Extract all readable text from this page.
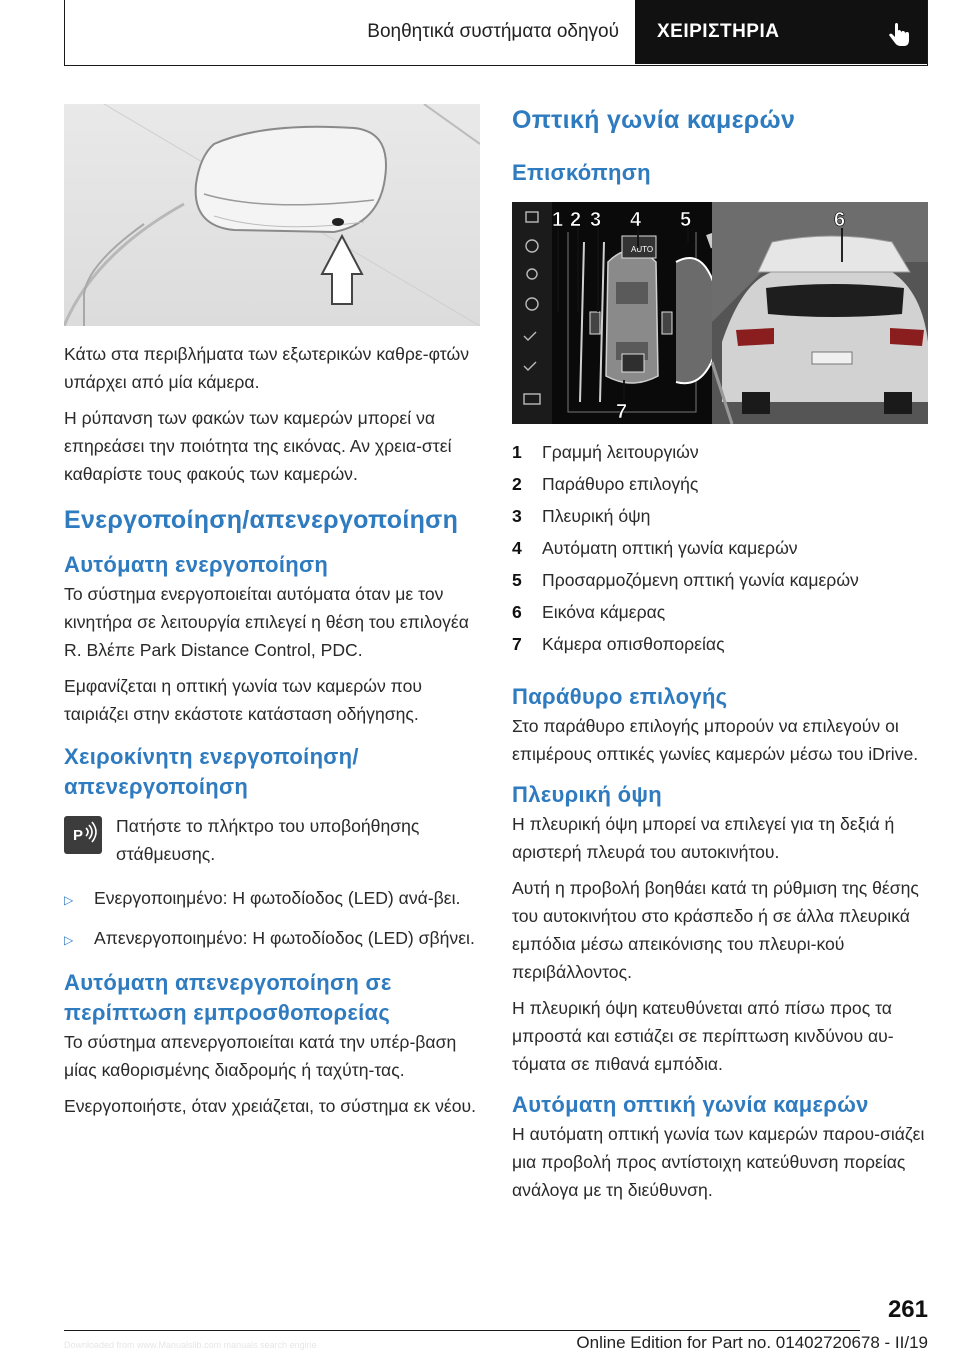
Βοηθητικά συστήματα οδηγού	ΧΕΙΡΙΣΤΗΡΙΑ

Κάτω στα περιβλήματα των εξωτερικών καθρε‐φτών υπάρχει από μία κάμερα.

Η ρύπανση των φακών των καμερών μπορεί να επηρεάσει την ποιότητα της εικόνας. Αν χρεια‐στεί καθαρίστε τους φακούς των καμερών.

Ενεργοποίηση/απενεργοποίηση
Αυτόματη ενεργοποίηση

Το σύστημα ενεργοποιείται αυτόματα όταν με τον κινητήρα σε λειτουργία επιλεγεί η θέση του επιλογέα R. Βλέπε Park Distance Control, PDC.

Εμφανίζεται η οπτική γωνία των καμερών που ταιριάζει στην εκάστοτε κατάσταση οδήγησης.

Χειροκίνητη ενεργοποίηση/απενεργοποίηση
P Πατήστε το πλήκτρο του υποβοήθησης στάθμευσης.
▷	Ενεργοποιημένο: Η φωτοδίοδος (LED) ανά‐βει.
▷	Απενεργοποιημένο: Η φωτοδίοδος (LED) σβήνει.
Αυτόματη απενεργοποίηση σε περίπτωση εμπροσθοπορείας

Το σύστημα απενεργοποιείται κατά την υπέρ‐βαση μίας καθορισμένης διαδρομής ή ταχύτη‐τας.

Ενεργοποιήστε, όταν χρειάζεται, το σύστημα εκ νέου.

Οπτική γωνία καμερών
Επισκόπηση
AUTO
1 2 3 4 5	6
7
1	Γραμμή λειτουργιών
2	Παράθυρο επιλογής
3	Πλευρική όψη
4	Αυτόματη οπτική γωνία καμερών
5	Προσαρμοζόμενη οπτική γωνία καμερών
6	Εικόνα κάμερας
7	Κάμερα οπισθοπορείας
Παράθυρο επιλογής

Στο παράθυρο επιλογής μπορούν να επιλεγούν οι επιμέρους οπτικές γωνίες καμερών μέσω του iDrive.

Πλευρική όψη

Η πλευρική όψη μπορεί να επιλεγεί για τη δεξιά ή αριστερή πλευρά του αυτοκινήτου.

Αυτή η προβολή βοηθάει κατά τη ρύθμιση της θέσης του αυτοκινήτου στο κράσπεδο ή σε άλλα πλευρικά εμπόδια μέσω απεικόνισης του πλευρι‐κού περιβάλλοντος.

Η πλευρική όψη κατευθύνεται από πίσω προς τα μπροστά και εστιάζει σε περίπτωση κινδύνου αυ‐τόματα σε πιθανά εμπόδια.

Αυτόματη οπτική γωνία καμερών

Η αυτόματη οπτική γωνία των καμερών παρου‐σιάζει μια προβολή προς αντίστοιχη κατεύθυνση πορείας ανάλογα με τη διεύθυνση.

261
Online Edition for Part no. 01402720678 - II/19
Downloaded from www.Manualslib.com manuals search engine
